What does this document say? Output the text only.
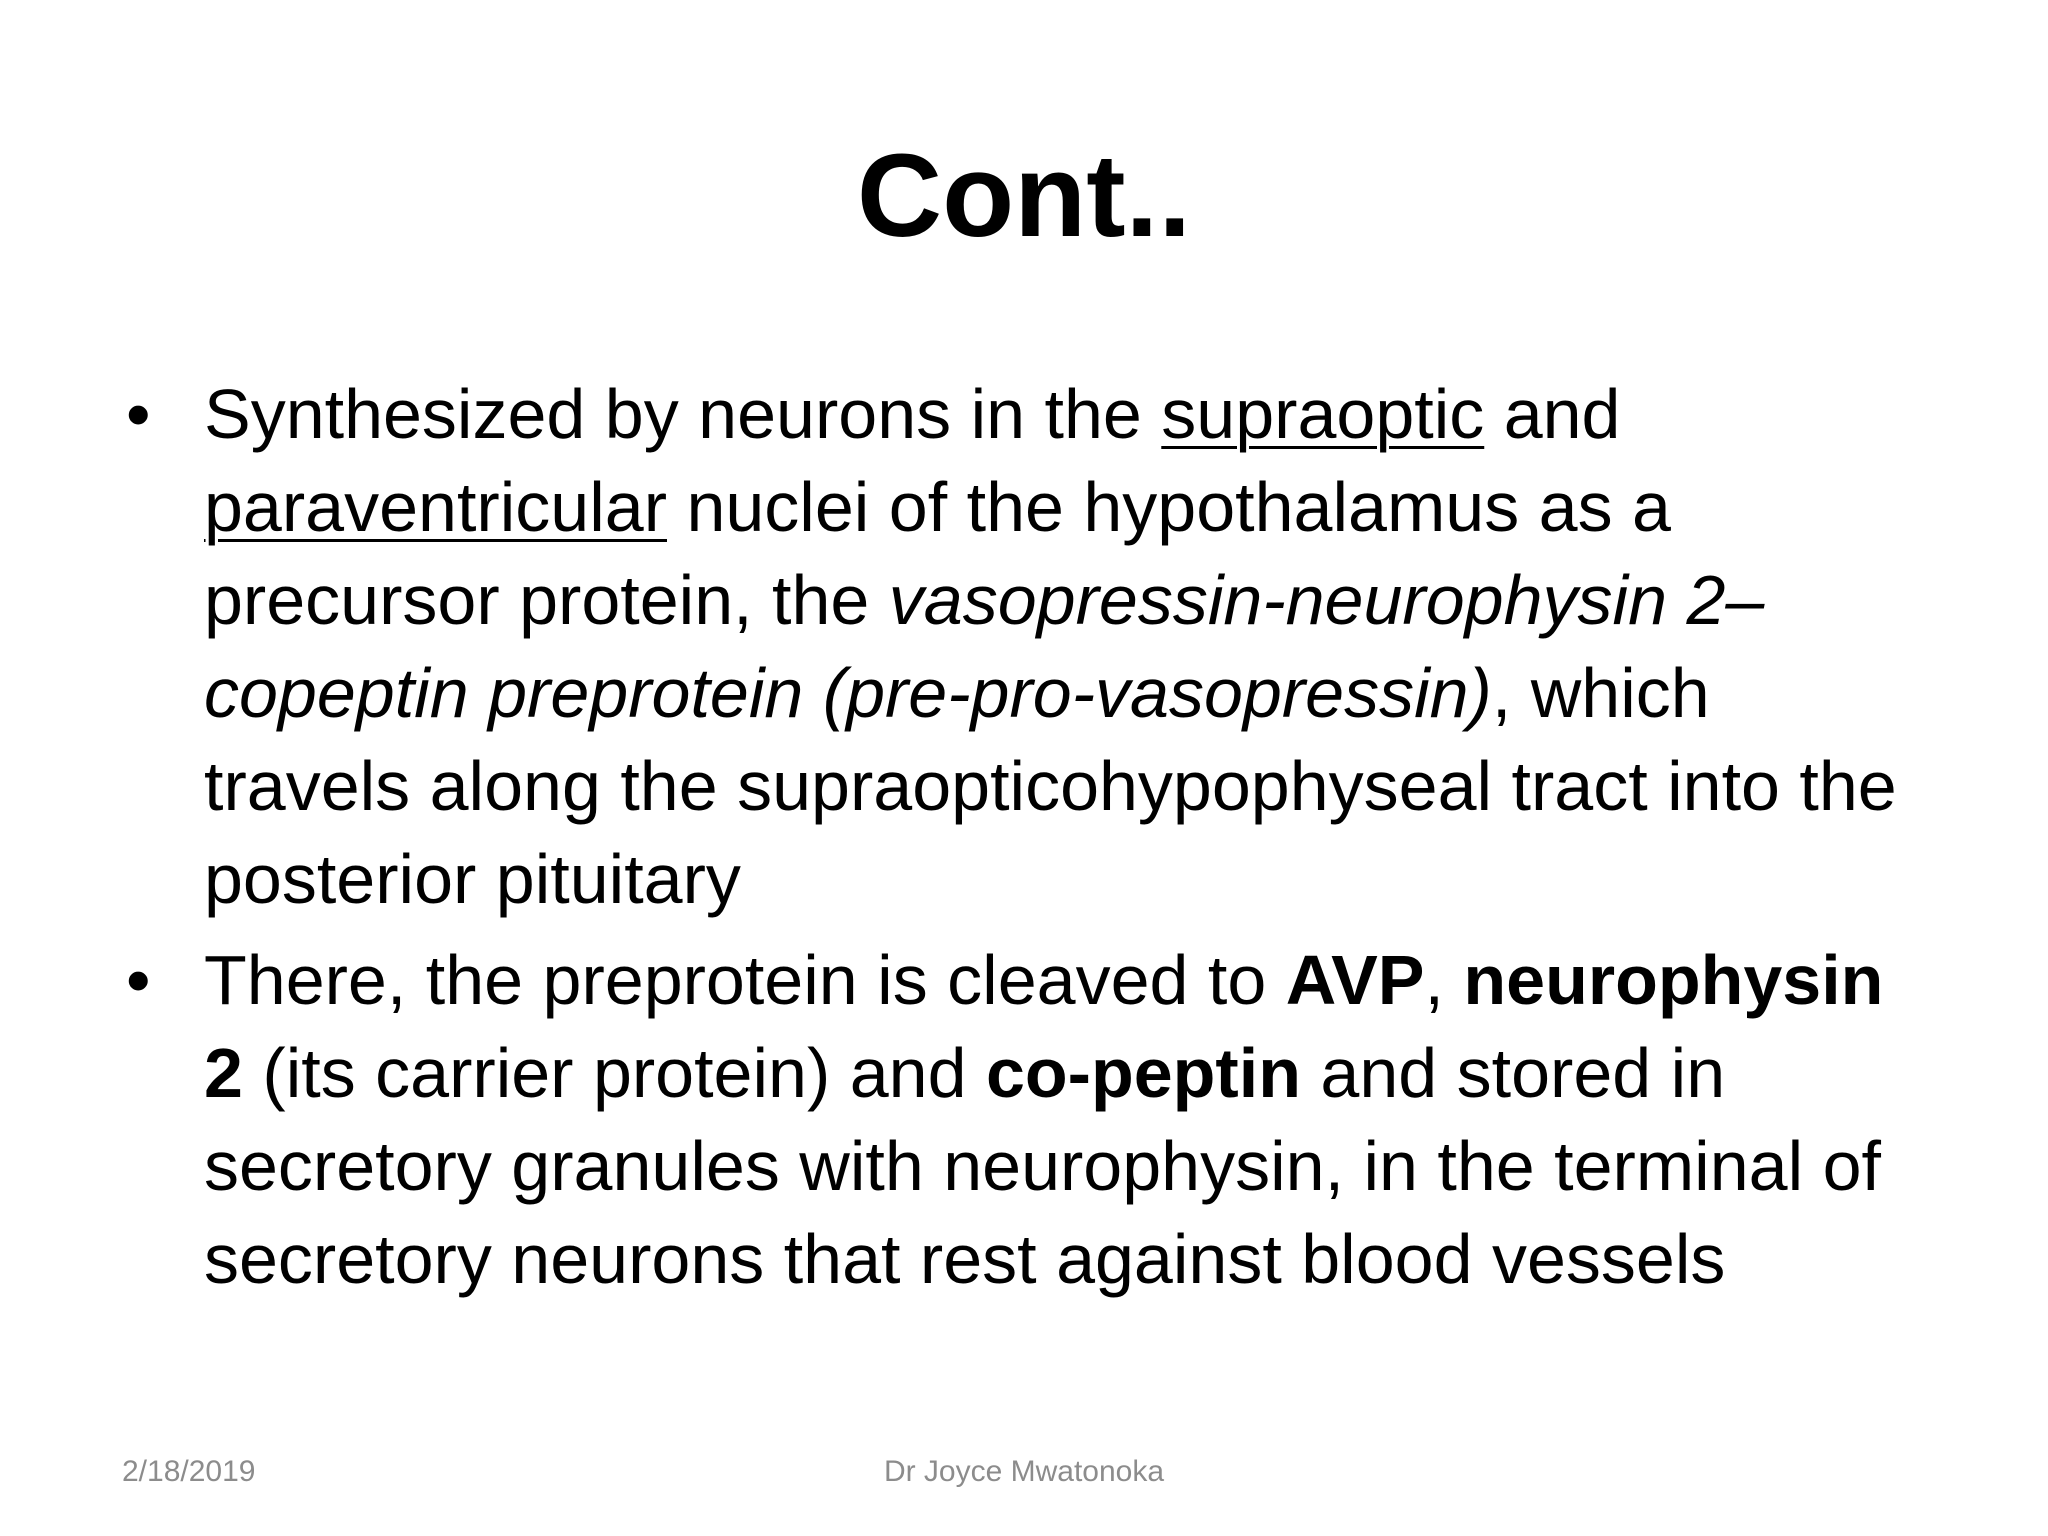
Cont..

• Synthesized by neurons in the supraoptic and paraventricular nuclei of the hypothalamus as a precursor protein, the vasopressin-neurophysin 2–copeptin preprotein (pre-pro-vasopressin), which travels along the supraopticohypophyseal tract into the posterior pituitary

• There, the preprotein is cleaved to AVP, neurophysin 2 (its carrier protein) and co-peptin and stored in secretory granules with neurophysin, in the terminal of secretory neurons that rest against blood vessels

2/18/2019	Dr Joyce Mwatonoka
